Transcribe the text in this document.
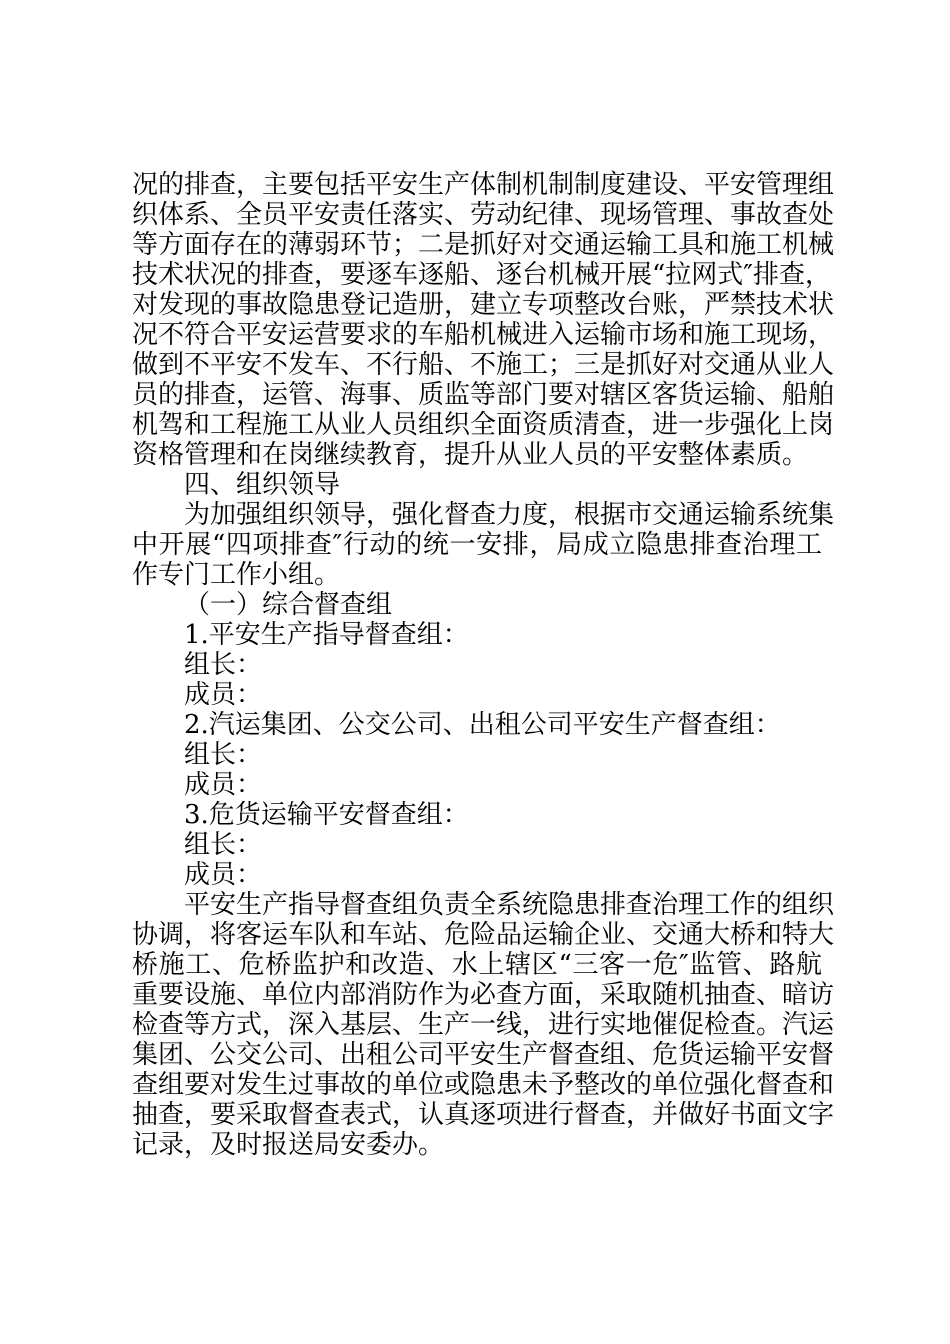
况的排查，主要包括平安生产体制机制制度建设、平安管理组
织体系、全员平安责任落实、劳动纪律、现场管理、事故查处
等方面存在的薄弱环节；二是抓好对交通运输工具和施工机械
技术状况的排查，要逐车逐船、逐台机械开展“拉网式″排查，
对发现的事故隐患登记造册，建立专项整改台账，严禁技术状
况不符合平安运营要求的车船机械进入运输市场和施工现场，
做到不平安不发车、不行船、不施工；三是抓好对交通从业人
员的排查，运管、海事、质监等部门要对辖区客货运输、船舶
机驾和工程施工从业人员组织全面资质清查，进一步强化上岗
资格管理和在岗继续教育，提升从业人员的平安整体素质。
四、组织领导
为加强组织领导，强化督查力度，根据市交通运输系统集
中开展“四项排查″行动的统一安排，局成立隐患排查治理工
作专门工作小组。
（一）综合督查组
1.平安生产指导督查组：
组长：
成员：
2.汽运集团、公交公司、出租公司平安生产督查组：
组长：
成员：
3.危货运输平安督查组：
组长：
成员：
平安生产指导督查组负责全系统隐患排查治理工作的组织
协调，将客运车队和车站、危险品运输企业、交通大桥和特大
桥施工、危桥监护和改造、水上辖区“三客一危″监管、路航
重要设施、单位内部消防作为必查方面，采取随机抽查、暗访
检查等方式，深入基层、生产一线，进行实地催促检查。汽运
集团、公交公司、出租公司平安生产督查组、危货运输平安督
查组要对发生过事故的单位或隐患未予整改的单位强化督查和
抽查，要采取督查表式，认真逐项进行督查，并做好书面文字
记录，及时报送局安委办。
